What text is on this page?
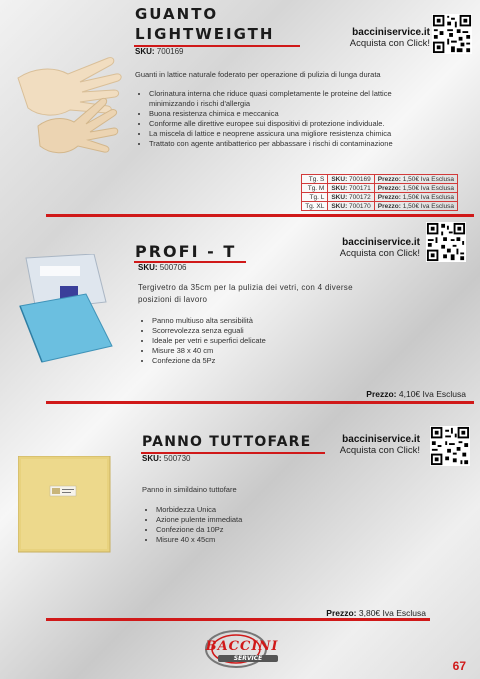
GUANTO
LIGHTWEIGTH
SKU: 700169
bacciniservice.it
Acquista con Click!
Guanti in lattice naturale foderato per operazione di pulizia di lunga durata
• Clorinatura interna che riduce quasi completamente le proteine del lattice minimizzando i rischi d'allergia
• Buona resistenza chimica e meccanica
• Conforme alle direttive europee sui dispositivi di protezione individuale.
• La miscela di lattice e neoprene assicura una migliore resistenza chimica
• Trattato con agente antibatterico per abbassare i rischi di contaminazione
Tg. S	SKU: 700169	Prezzo: 1,50€ Iva Esclusa
Tg. M	SKU: 700171	Prezzo: 1,50€ Iva Esclusa
Tg. L	SKU: 700172	Prezzo: 1,50€ Iva Esclusa
Tg. XL	SKU: 700170	Prezzo: 1,50€ Iva Esclusa
PROFI - T
SKU: 500706
bacciniservice.it
Acquista con Click!
Tergivetro da 35cm per la pulizia dei vetri, con 4 diverse posizioni di lavoro
• Panno multiuso alta sensibilità
• Scorrevolezza senza eguali
• Ideale per vetri e superfici delicate
• Misure 38 x 40 cm
• Confezione da 5Pz
Prezzo: 4,10€ Iva Esclusa
PANNO TUTTOFARE
SKU: 500730
bacciniservice.it
Acquista con Click!
Panno in simildaino tuttofare
• Morbidezza Unica
• Azione pulente immediata
• Confezione da 10Pz
• Misure 40 x 45cm
Prezzo: 3,80€ Iva Esclusa
BACCINI
SERVICE
67
